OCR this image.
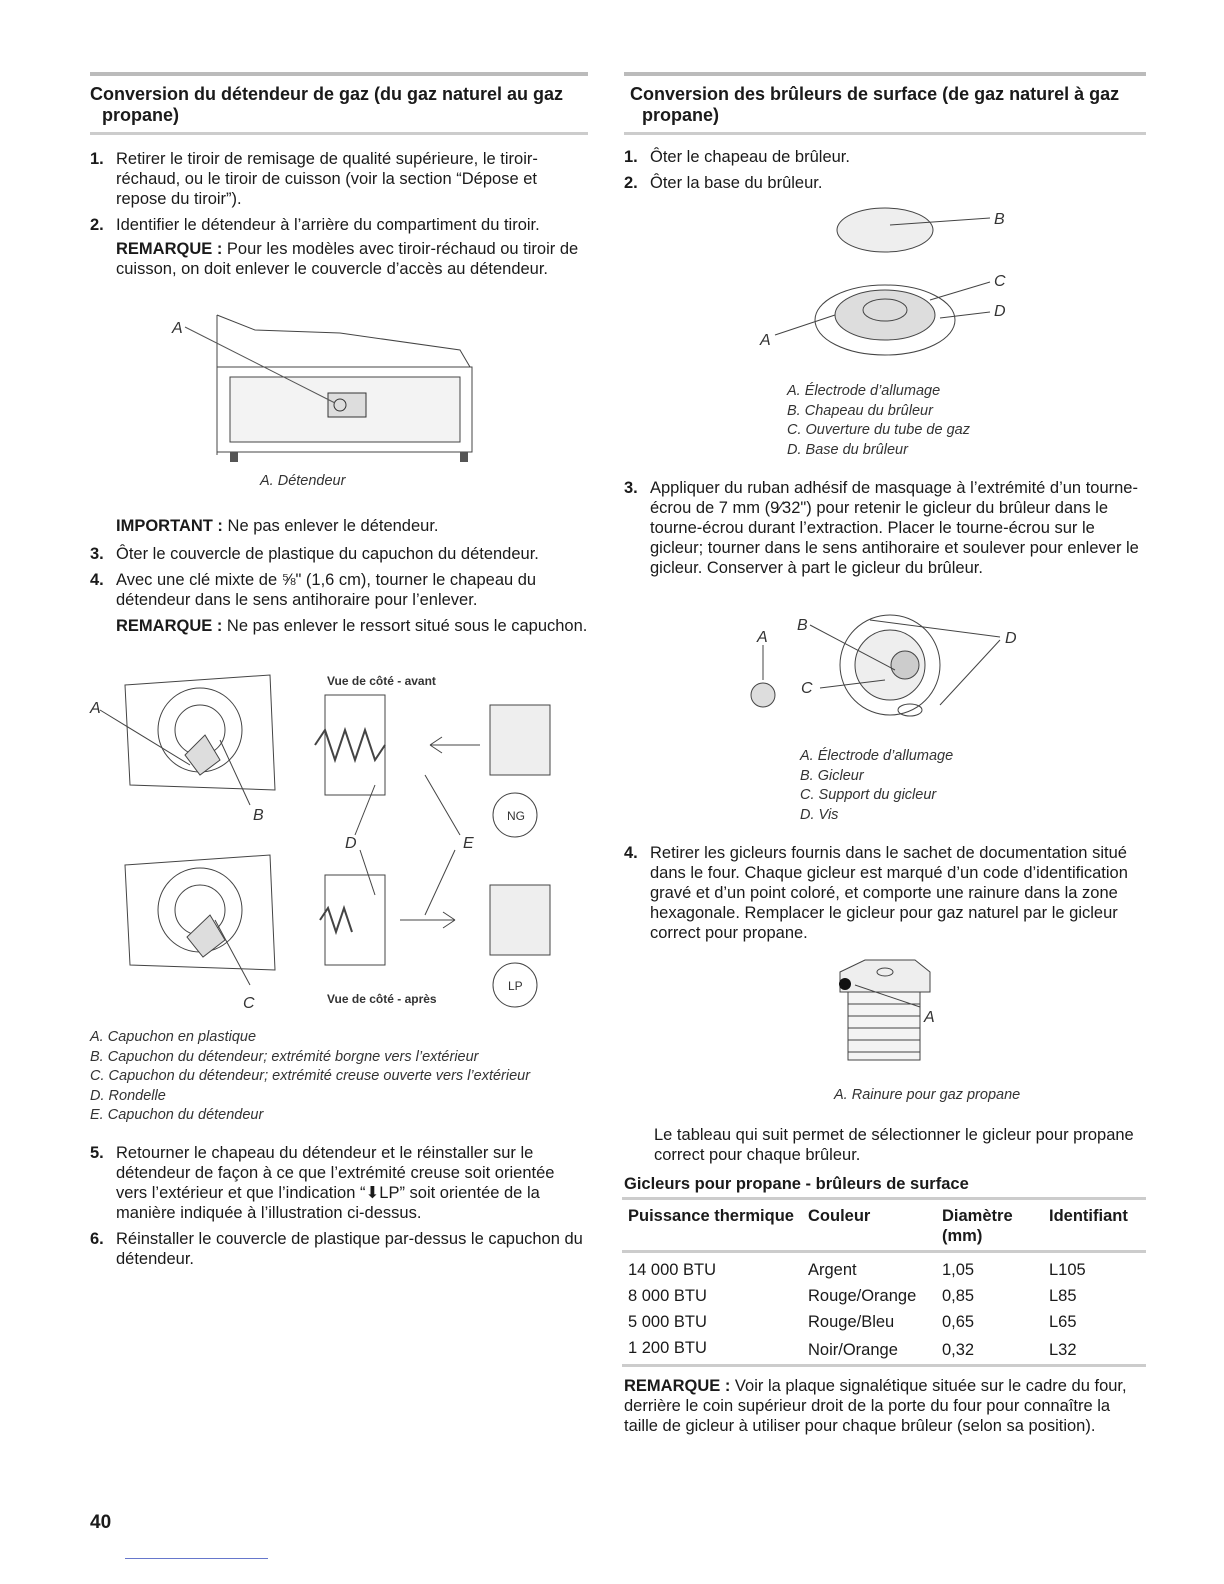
Conversion du détendeur de gaz (du gaz naturel au gaz propane)
1. Retirer le tiroir de remisage de qualité supérieure, le tiroir-réchaud, ou le tiroir de cuisson (voir la section “Dépose et repose du tiroir”).
2. Identifier le détendeur à l’arrière du compartiment du tiroir.
REMARQUE : Pour les modèles avec tiroir-réchaud ou tiroir de cuisson, on doit enlever le couvercle d’accès au détendeur.
A
A. Détendeur
IMPORTANT : Ne pas enlever le détendeur.
3. Ôter le couvercle de plastique du capuchon du détendeur.
4. Avec une clé mixte de ⅝" (1,6 cm), tourner le chapeau du détendeur dans le sens antihoraire pour l’enlever.
REMARQUE : Ne pas enlever le ressort situé sous le capuchon.
A
B
C
D	E
Vue de côté - avant
Vue de côté - après
NG
LP
A. Capuchon en plastique
B. Capuchon du détendeur; extrémité borgne vers l’extérieur
C. Capuchon du détendeur; extrémité creuse ouverte vers l’extérieur
D. Rondelle
E. Capuchon du détendeur
5. Retourner le chapeau du détendeur et le réinstaller sur le détendeur de façon à ce que l’extrémité creuse soit orientée vers l’extérieur et que l’indication “⬇LP” soit orientée de la manière indiquée à l’illustration ci-dessus.
6. Réinstaller le couvercle de plastique par-dessus le capuchon du détendeur.
Conversion des brûleurs de surface (de gaz naturel à gaz propane)
1. Ôter le chapeau de brûleur.
2. Ôter la base du brûleur.
A
B
C
D
A. Électrode d’allumage
B. Chapeau du brûleur
C. Ouverture du tube de gaz
D. Base du brûleur
3. Appliquer du ruban adhésif de masquage à l’extrémité d’un tourne-écrou de 7 mm (9⁄32") pour retenir le gicleur du brûleur dans le tourne-écrou durant l’extraction. Placer le tourne-écrou sur le gicleur; tourner dans le sens antihoraire et soulever pour enlever le gicleur. Conserver à part le gicleur du brûleur.
A
B
C
D
A. Électrode d’allumage
B. Gicleur
C. Support du gicleur
D. Vis
4. Retirer les gicleurs fournis dans le sachet de documentation situé dans le four. Chaque gicleur est marqué d’un code d’identification gravé et d’un point coloré, et comporte une rainure dans la zone hexagonale. Remplacer le gicleur pour gaz naturel par le gicleur correct pour propane.
A
A. Rainure pour gaz propane
Le tableau qui suit permet de sélectionner le gicleur pour propane correct pour chaque brûleur.
Gicleurs pour propane - brûleurs de surface
Puissance thermique	Couleur	Diamètre (mm)	Identifiant
14 000 BTU	Argent	1,05	L105
8 000 BTU	Rouge/Orange	0,85	L85
5 000 BTU	Rouge/Bleu	0,65	L65
1 200 BTU	Noir/Orange	0,32	L32
REMARQUE : Voir la plaque signalétique située sur le cadre du four, derrière le coin supérieur droit de la porte du four pour connaître la taille de gicleur à utiliser pour chaque brûleur (selon sa position).
40
